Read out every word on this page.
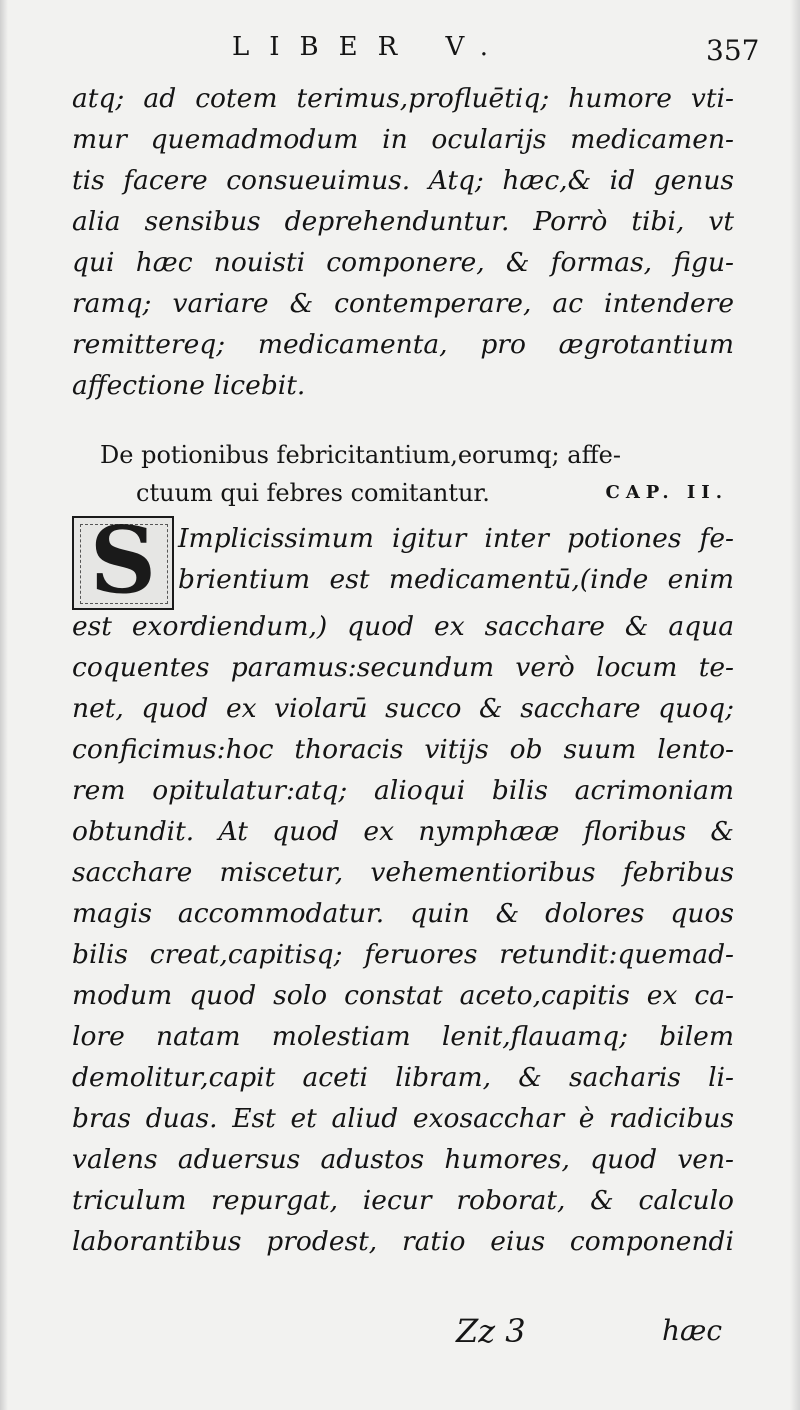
LIBER V.	357
atq; ad cotem terimus,profluētiq; humore vti-
mur quemadmodum in ocularijs medicamen-
tis facere consueuimus. Atq; hæc,& id genus
alia sensibus deprehenduntur. Porrò tibi, vt
qui hæc nouisti componere, & formas, figu-
ramq; variare & contemperare, ac intendere
remittereq; medicamenta, pro ægrotantium
affectione licebit.
De potionibus febricitantium,eorumq; affe-
ctuum qui febres comitantur.	CAP. II.
S Implicissimum igitur inter potiones fe-
brientium est medicamentū,(inde enim
est exordiendum,) quod ex sacchare & aqua
coquentes paramus:secundum verò locum te-
net, quod ex violarū succo & sacchare quoq;
conficimus:hoc thoracis vitijs ob suum lento-
rem opitulatur:atq; alioqui bilis acrimoniam
obtundit. At quod ex nymphææ floribus &
sacchare miscetur, vehementioribus febribus
magis accommodatur. quin & dolores quos
bilis creat,capitisq; feruores retundit:quemad-
modum quod solo constat aceto,capitis ex ca-
lore natam molestiam lenit,flauamq; bilem
demolitur,capit aceti libram, & sacharis li-
bras duas. Est et aliud exosacchar è radicibus
valens aduersus adustos humores, quod ven-
triculum repurgat, iecur roborat, & calculo
laborantibus prodest, ratio eius componendi
Zz 3	hæc
